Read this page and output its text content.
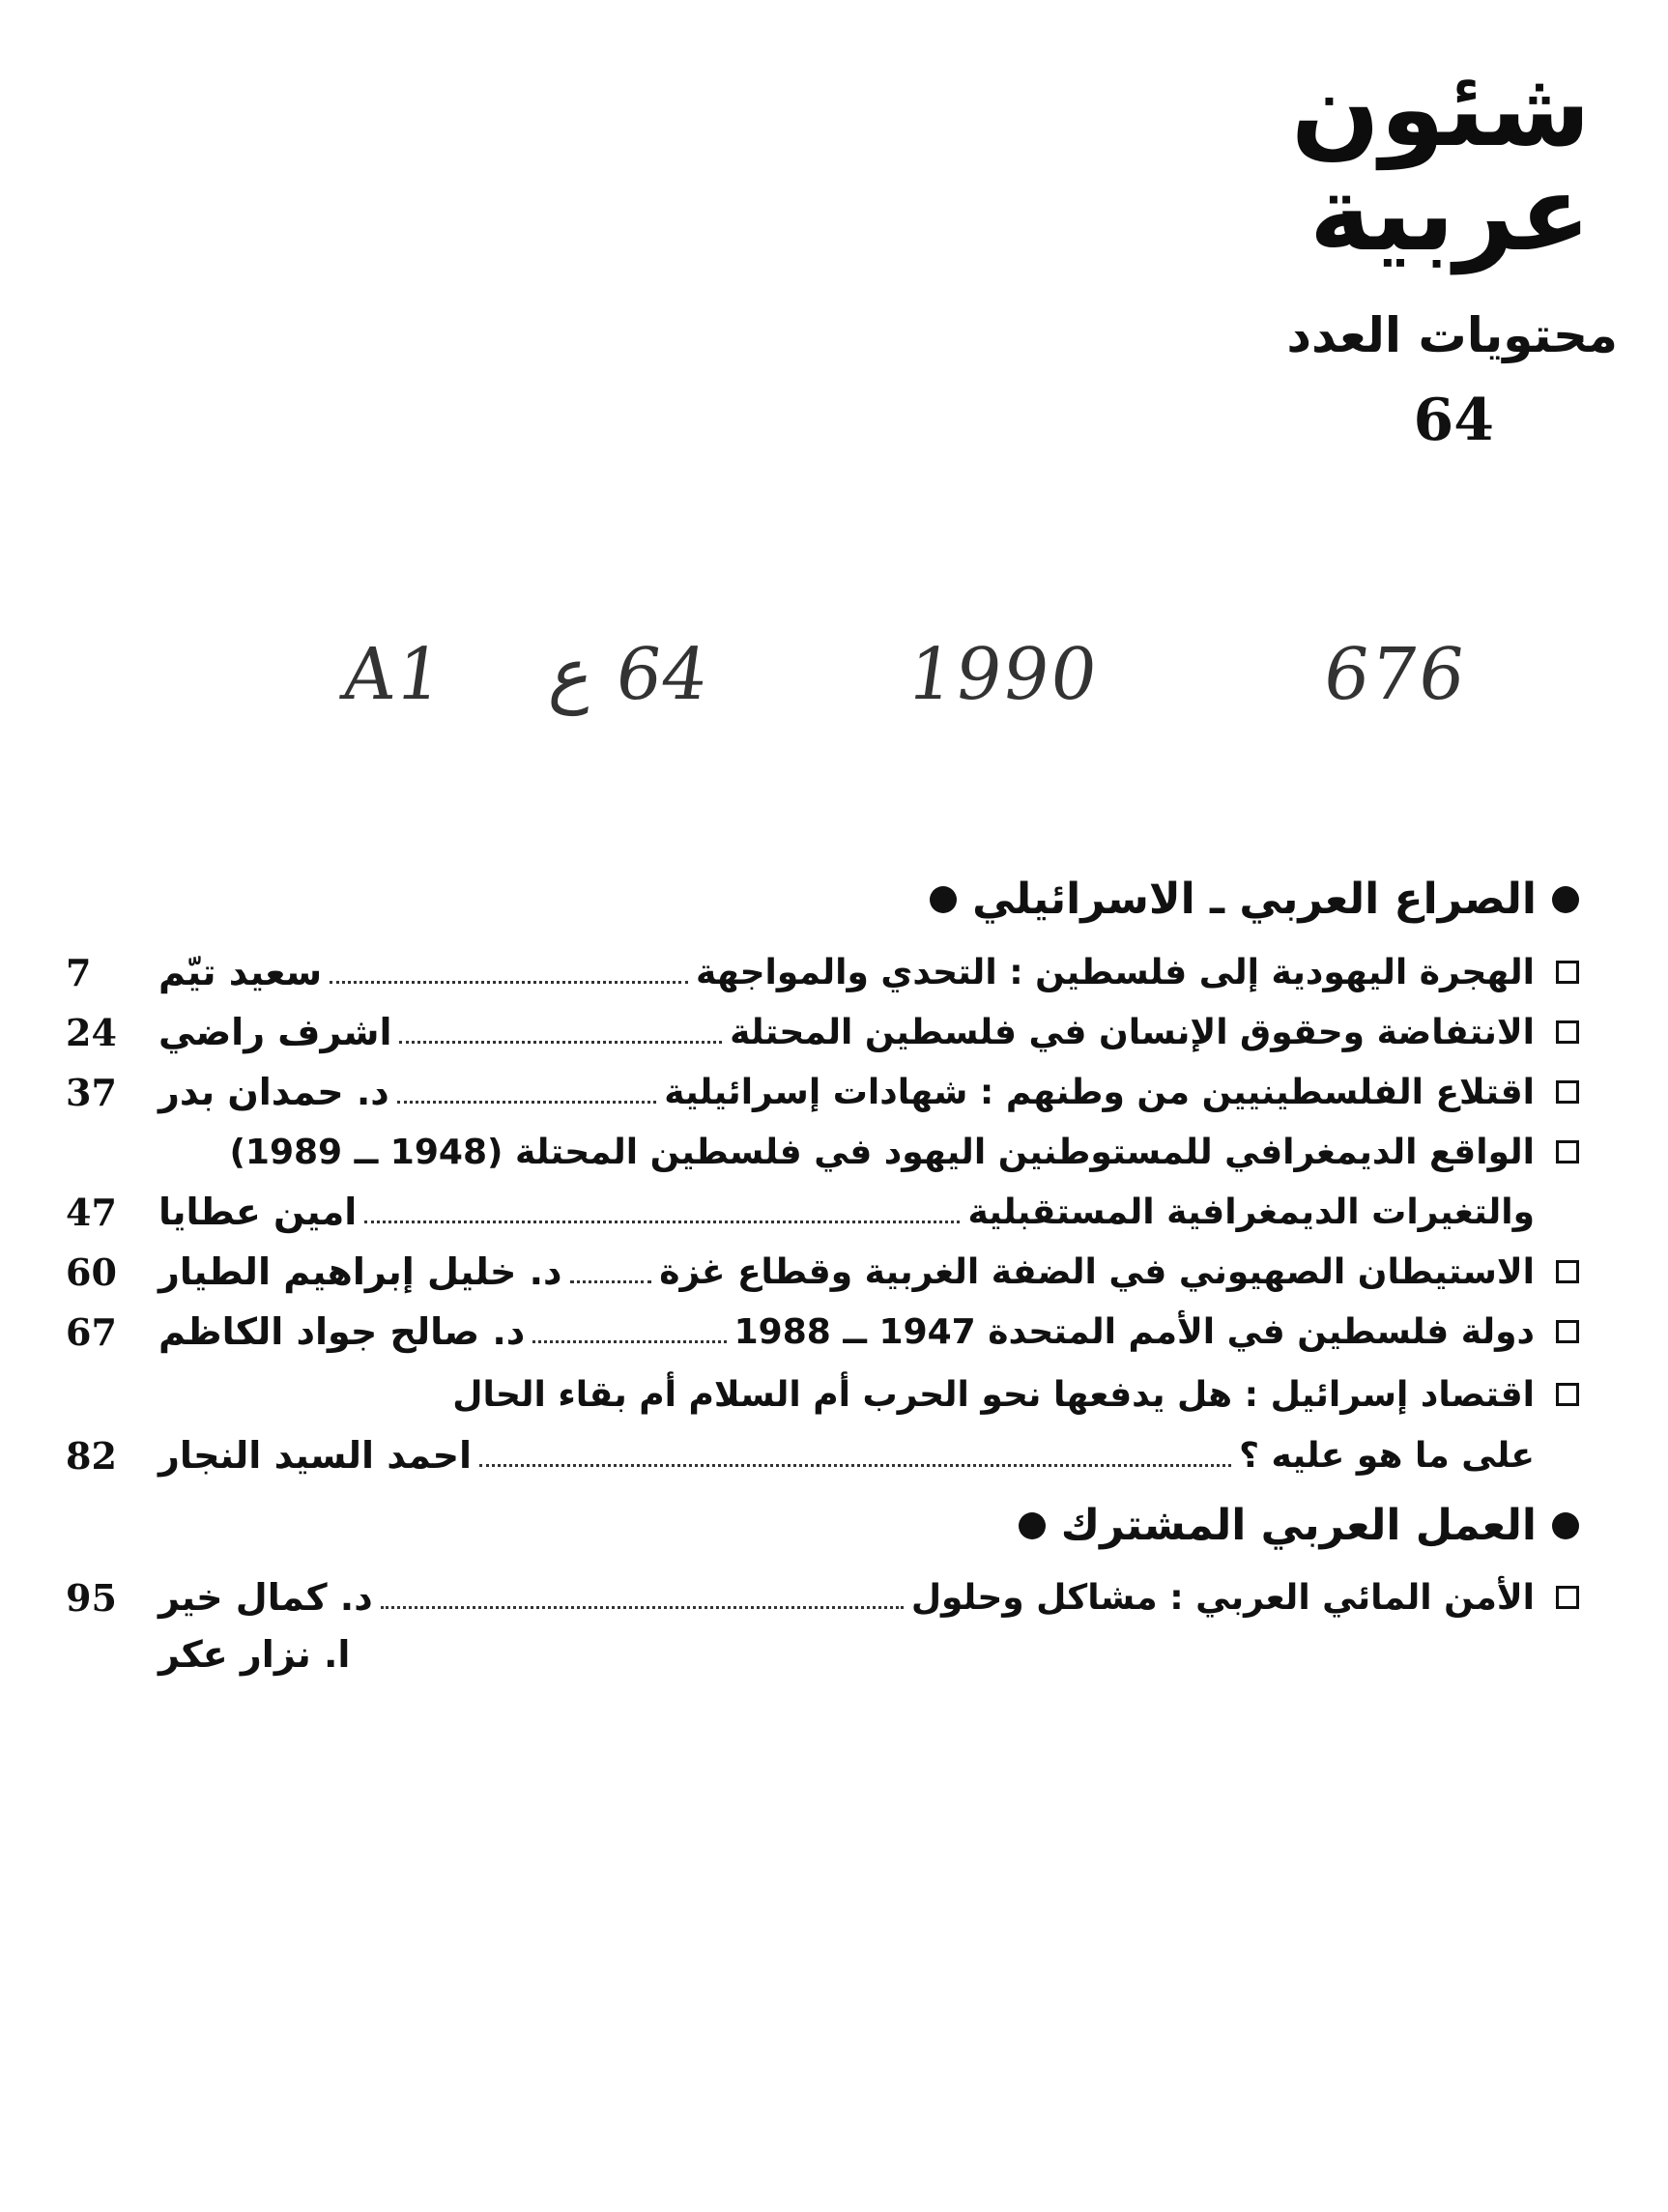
شئون
عربية
محتويات العدد
64
A1 64 ع	1990	676
الصراع العربي ـ الاسرائيلي
الهجرة اليهودية إلى فلسطين : التحدي والمواجهة
سعيد تيّم
7
الانتفاضة وحقوق الإنسان في فلسطين المحتلة
اشرف راضي
24
اقتلاع الفلسطينيين من وطنهم : شهادات إسرائيلية
د. حمدان بدر
37
الواقع الديمغرافي للمستوطنين اليهود في فلسطين المحتلة (1948 ــ 1989)
والتغيرات الديمغرافية المستقبلية
امين عطايا
47
الاستيطان الصهيوني في الضفة الغربية وقطاع غزة
د. خليل إبراهيم الطيار
60
دولة فلسطين في الأمم المتحدة 1947 ــ 1988
د. صالح جواد الكاظم
67
اقتصاد إسرائيل : هل يدفعها نحو الحرب أم السلام أم بقاء الحال
على ما هو عليه ؟
احمد السيد النجار
82
العمل العربي المشترك
الأمن المائي العربي : مشاكل وحلول
د. كمال خير
95
ا. نزار عكر
